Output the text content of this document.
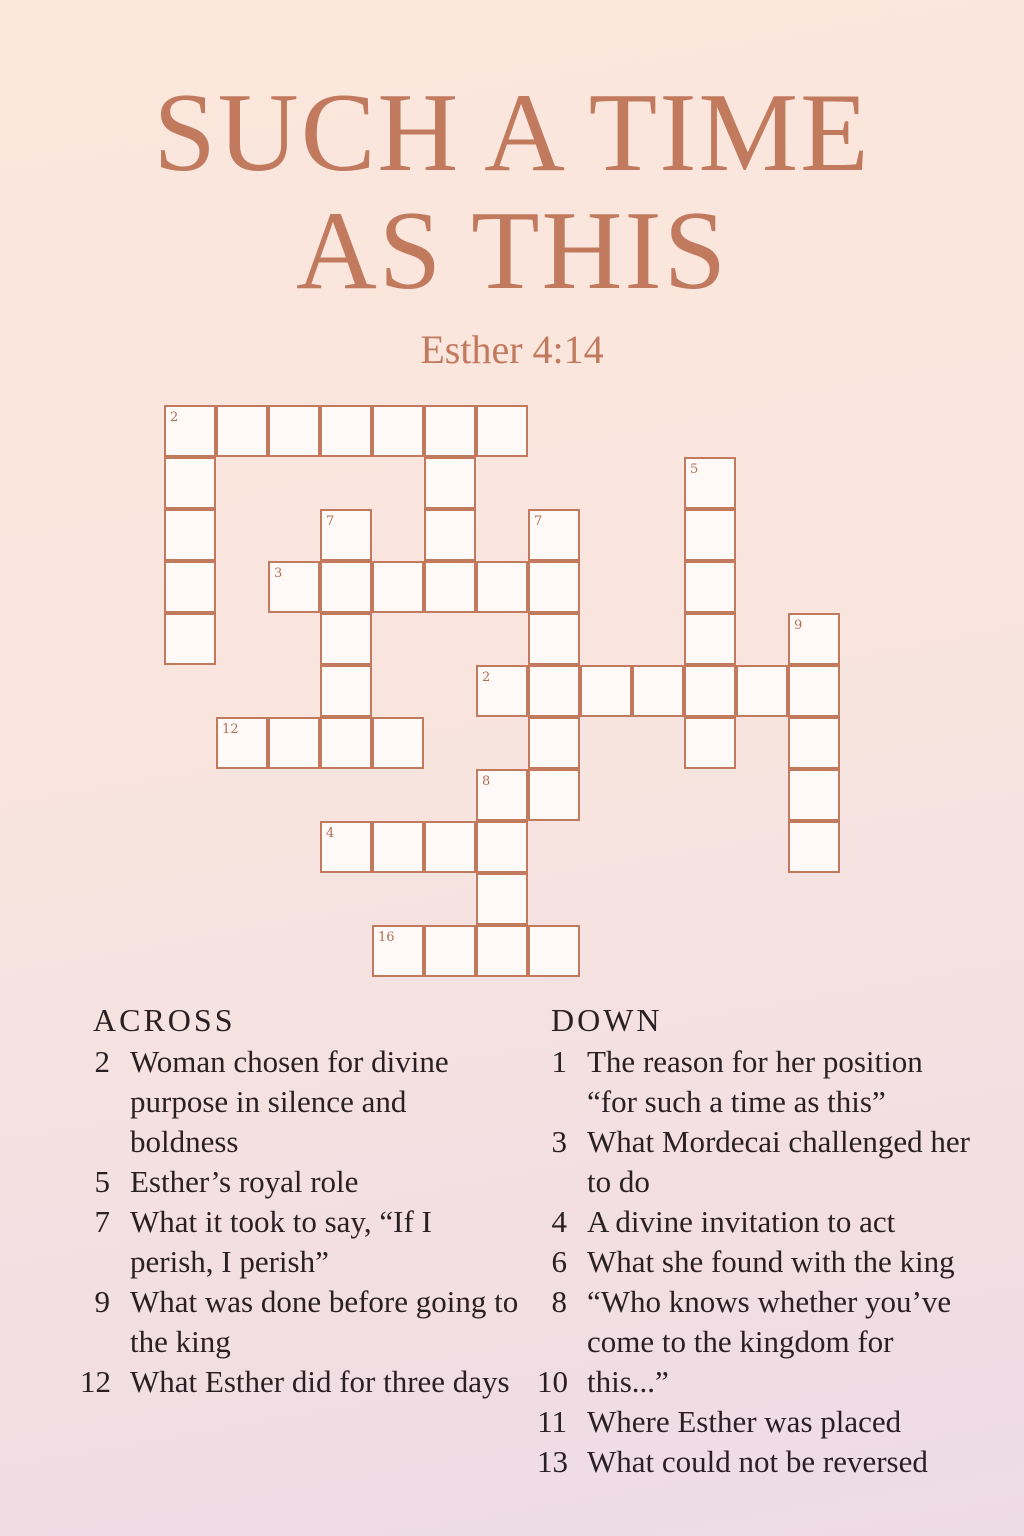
SUCH A TIME
AS THIS
Esther 4:14
2
7
3
7
5
2
9
12
8
4
16
ACROSS
2 Woman chosen for divine purpose in silence and boldness
5 Esther’s royal role
7 What it took to say, “If I perish, I perish”
9 What was done before going to the king
12 What Esther did for three days
DOWN
1 The reason for her position “for such a time as this”
3 What Mordecai challenged her to do
4 A divine invitation to act
6 What she found with the king
8 “Who knows whether you’ve come to the kingdom for
10 this...”
11 Where Esther was placed
13 What could not be reversed
